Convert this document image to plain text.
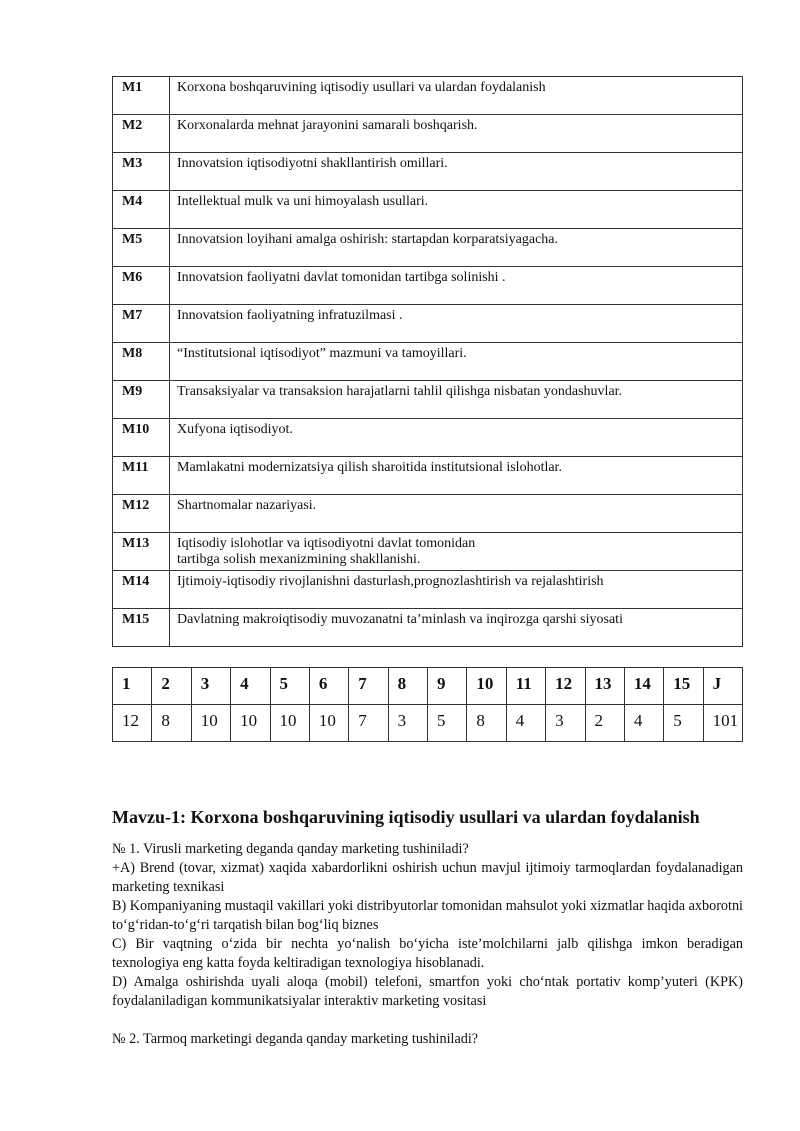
M1	Korxona boshqaruvining iqtisodiy usullari va ulardan foydalanish
M2	Korxonalarda mehnat jarayonini samarali boshqarish.
M3	Innovatsion iqtisodiyotni shakllantirish omillari.
M4	Intellektual mulk va uni himoyalash usullari.
M5	Innovatsion loyihani amalga oshirish: startapdan korparatsiyagacha.
M6	Innovatsion faoliyatni davlat tomonidan tartibga solinishi .
M7	Innovatsion faoliyatning infratuzilmasi .
M8	“Institutsional iqtisodiyot” mazmuni va tamoyillari.
M9	Transaksiyalar va transaksion harajatlarni tahlil qilishga nisbatan yondashuvlar.
M10	Xufyona iqtisodiyot.
M11	Mamlakatni modernizatsiya qilish sharoitida institutsional islohotlar.
M12	Shartnomalar nazariyasi.
M13	Iqtisodiy islohotlar va iqtisodiyotni davlat tomonidan
tartibga solish mexanizmining shakllanishi.

M14	Ijtimoiy-iqtisodiy rivojlanishni dasturlash,prognozlashtirish va rejalashtirish
M15	Davlatning makroiqtisodiy muvozanatni ta’minlash va inqirozga qarshi siyosati
1	2	3	4	5	6	7	8	9	10	11	12	13	14	15	J
12	8	10	10	10	10	7	3	5	8	4	3	2	4	5	101
Mavzu-1: Korxona boshqaruvining iqtisodiy usullari va ulardan foydalanish

№ 1. Virusli marketing deganda qanday marketing tushiniladi?

+A) Brend (tovar, xizmat) xaqida xabardorlikni oshirish uchun mavjul ijtimoiy tarmoqlardan foydalanadigan marketing texnikasi

B) Kompaniyaning mustaqil vakillari yoki distribyutorlar tomonidan mahsulot yoki xizmatlar haqida axborotni to‘g‘ridan-to‘g‘ri tarqatish bilan bog‘liq biznes

C) Bir vaqtning o‘zida bir nechta yo‘nalish bo‘yicha iste’molchilarni jalb qilishga imkon beradigan texnologiya eng katta foyda keltiradigan texnologiya hisoblanadi.

D) Amalga oshirishda uyali aloqa (mobil) telefoni, smartfon yoki cho‘ntak portativ komp’yuteri (KPK) foydalaniladigan kommunikatsiyalar interaktiv marketing vositasi

№ 2. Tarmoq marketingi deganda qanday marketing tushiniladi?
